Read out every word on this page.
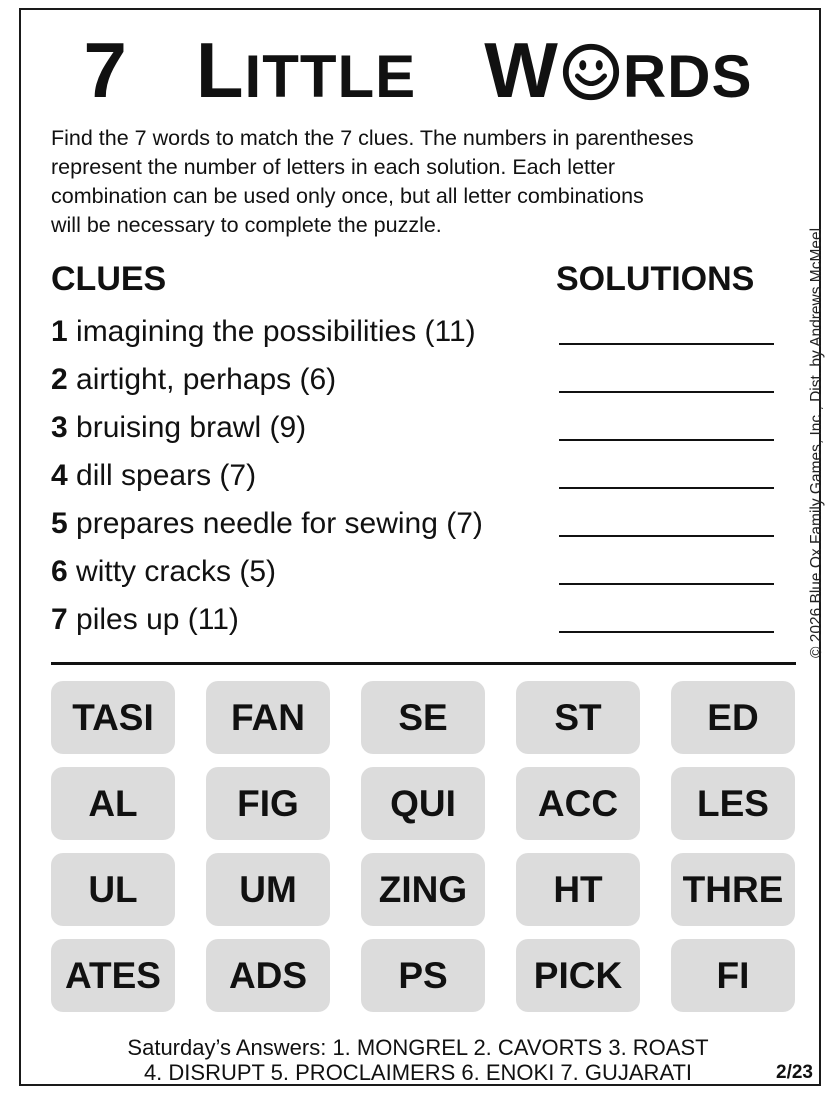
7 LITTLE W RDS
Find the 7 words to match the 7 clues. The numbers in parentheses
represent the number of letters in each solution. Each letter
combination can be used only once, but all letter combinations
will be necessary to complete the puzzle.
CLUES	SOLUTIONS
1 imagining the possibilities (11)
2 airtight, perhaps (6)
3 bruising brawl (9)
4 dill spears (7)
5 prepares needle for sewing (7)
6 witty cracks (5)
7 piles up (11)	© 2026 Blue Ox Family Games, Inc., Dist. by Andrews McMeel
TASI	FAN	SE	ST	ED
AL	FIG	QUI	ACC	LES
UL	UM	ZING	HT	THRE
ATES	ADS	PS	PICK	FI
Saturday’s Answers: 1. MONGREL 2. CAVORTS 3. ROAST
4. DISRUPT 5. PROCLAIMERS 6. ENOKI 7. GUJARATI	2/23
